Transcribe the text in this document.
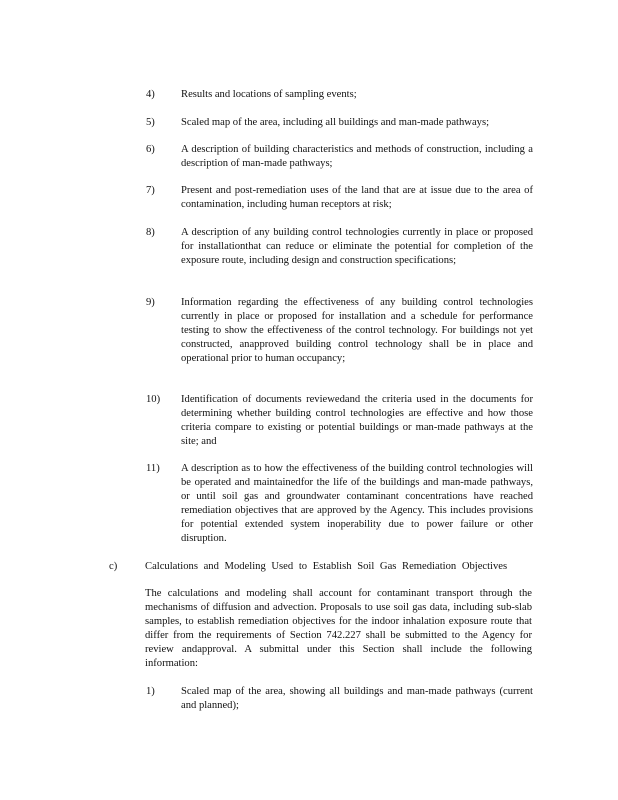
4) Results and locations of sampling events;
5) Scaled map of the area, including all buildings and man-made pathways;
6) A description of building characteristics and methods of construction, including a description of man-made pathways;
7) Present and post-remediation uses of the land that are at issue due to the area of contamination, including human receptors at risk;
8) A description of any building control technologies currently in place or proposed for installationthat can reduce or eliminate the potential for completion of the exposure route, including design and construction specifications;
9) Information regarding the effectiveness of any building control technologies currently in place or proposed for installation and a schedule for performance testing to show the effectiveness of the control technology. For buildings not yet constructed, anapproved building control technology shall be in place and operational prior to human occupancy;
10) Identification of documents reviewedand the criteria used in the documents for determining whether building control technologies are effective and how those criteria compare to existing or potential buildings or man-made pathways at the site; and
11) A description as to how the effectiveness of the building control technologies will be operated and maintainedfor the life of the buildings and man-made pathways, or until soil gas and groundwater contaminant concentrations have reached remediation objectives that are approved by the Agency. This includes provisions for potential extended system inoperability due to power failure or other disruption.
c)	Calculations and Modeling Used to Establish Soil Gas Remediation Objectives
The calculations and modeling shall account for contaminant transport through the mechanisms of diffusion and advection. Proposals to use soil gas data, including sub-slab samples, to establish remediation objectives for the indoor inhalation exposure route that differ from the requirements of Section 742.227 shall be submitted to the Agency for review andapproval. A submittal under this Section shall include the following information:
1) Scaled map of the area, showing all buildings and man-made pathways (current and planned);
